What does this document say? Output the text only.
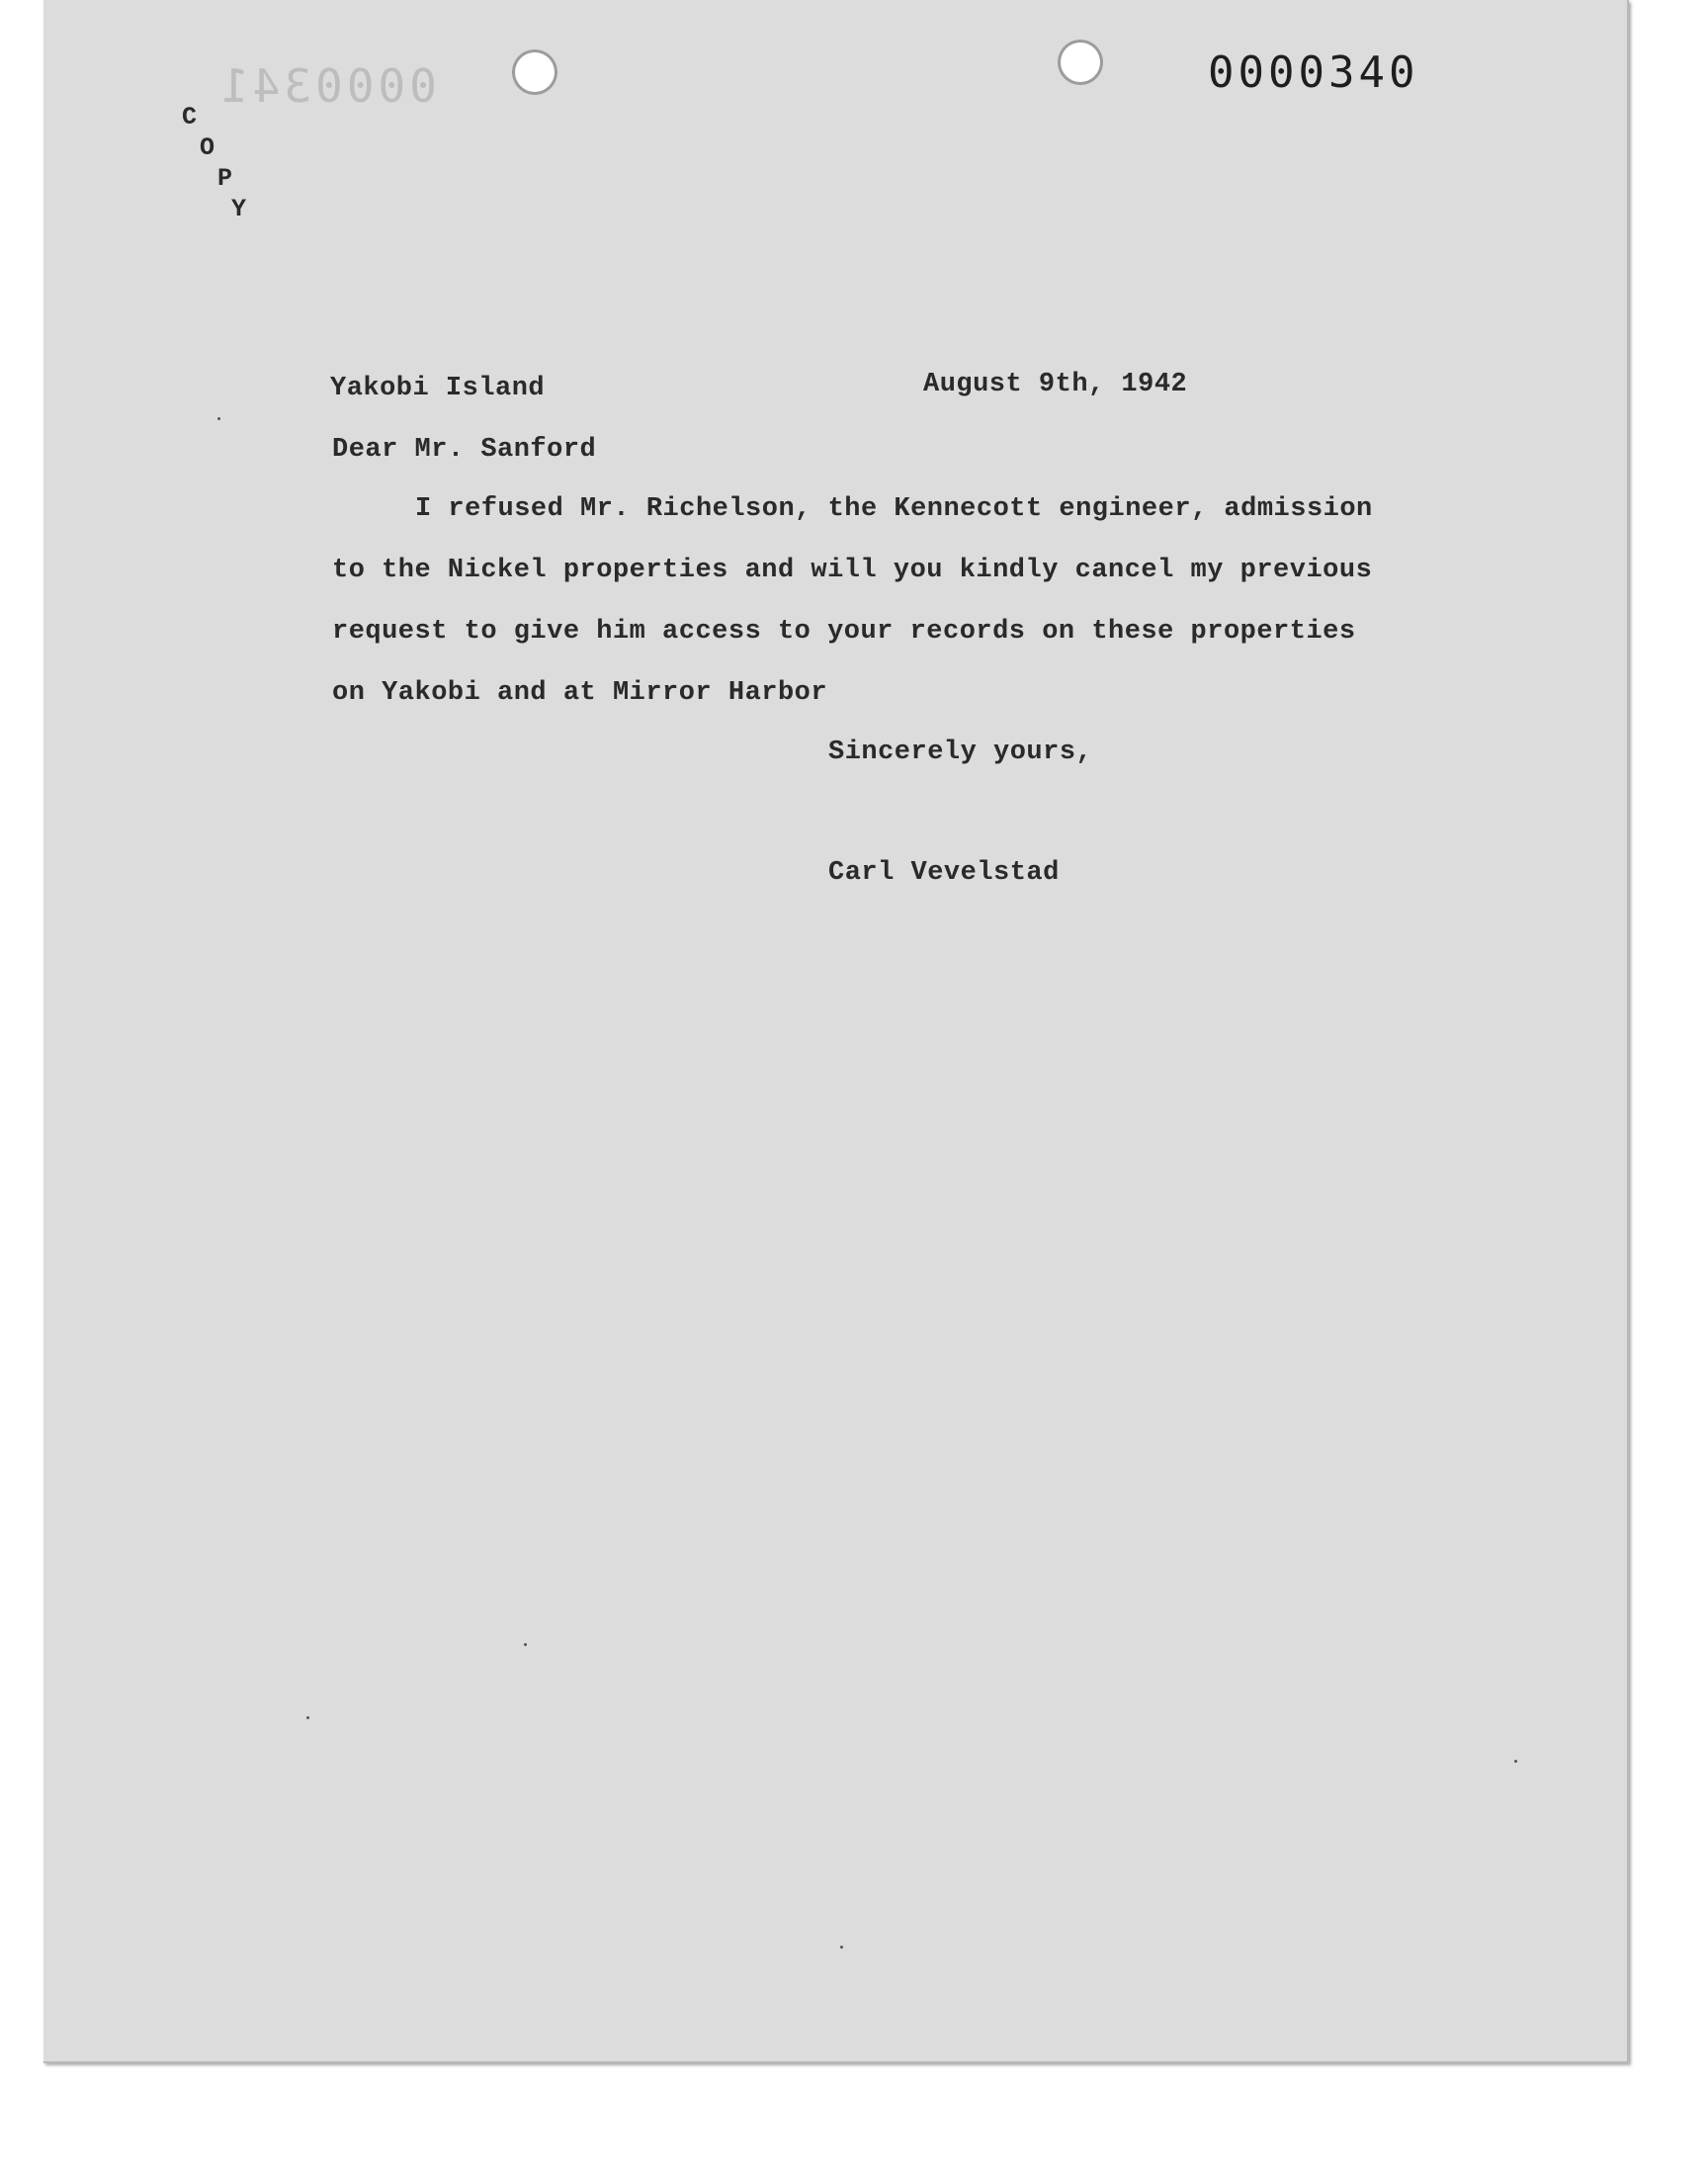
0000341	0000340
C
O
P
Y
Yakobi Island	August 9th, 1942
Dear Mr. Sanford
I refused Mr. Richelson, the Kennecott engineer, admission
to the Nickel properties and will you kindly cancel my previous
request to give him access to your records on these properties
on Yakobi and at Mirror Harbor
Sincerely yours,
Carl Vevelstad
